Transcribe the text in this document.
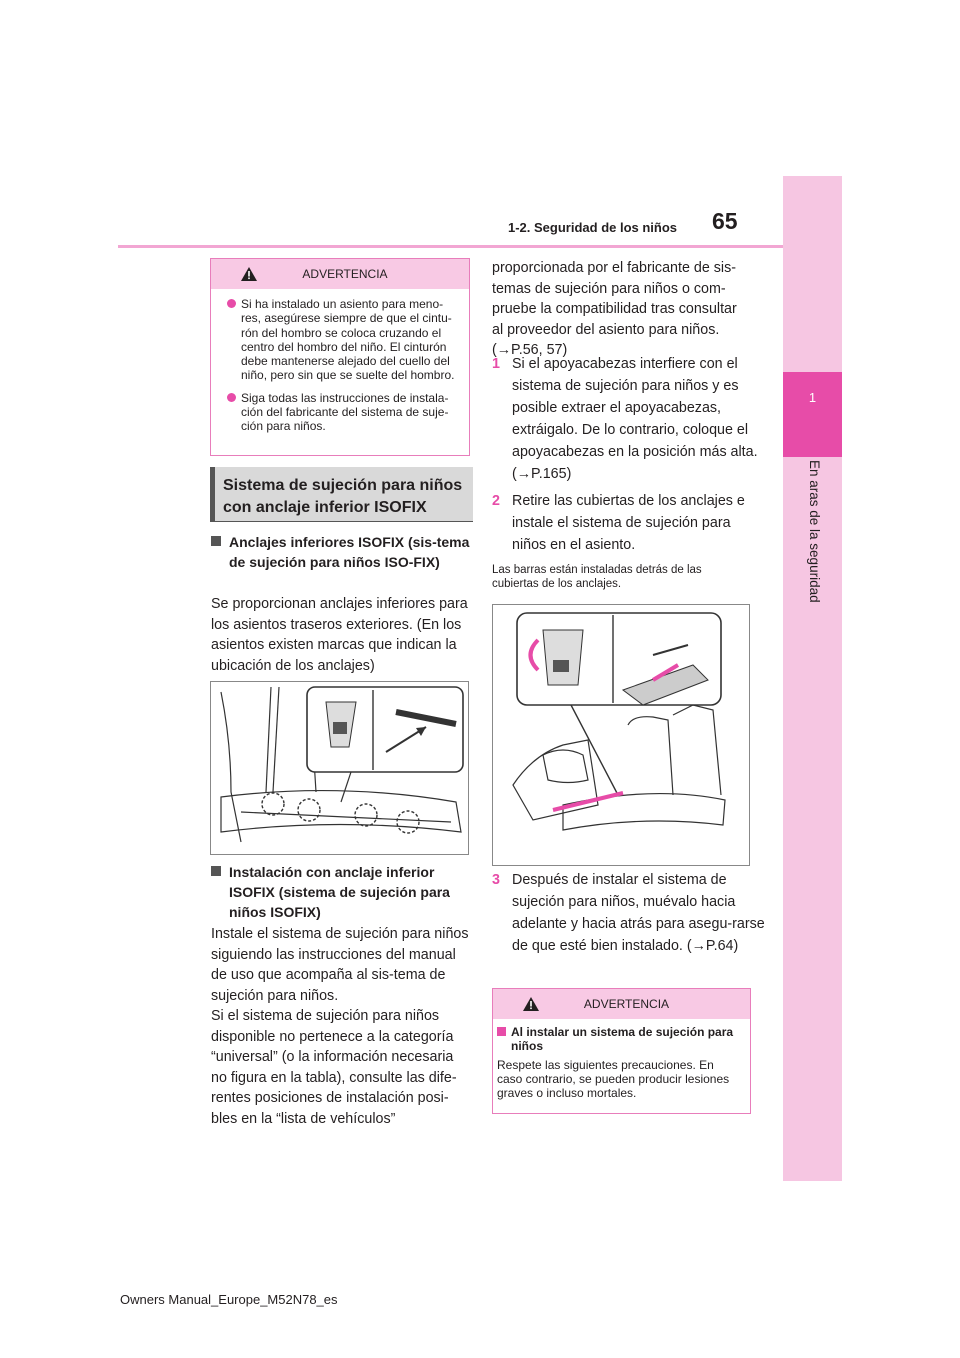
65
1-2. Seguridad de los niños
1
En aras de la seguridad
ADVERTENCIA
Si ha instalado un asiento para meno-res, asegúrese siempre de que el cintu-rón del hombro se coloca cruzando el centro del hombro del niño. El cinturón debe mantenerse alejado del cuello del niño, pero sin que se suelte del hombro.
Siga todas las instrucciones de instala-ción del fabricante del sistema de suje-ción para niños.
Sistema de sujeción para niños
con anclaje inferior ISOFIX
Anclajes inferiores ISOFIX (sis-tema de sujeción para niños ISO-FIX)
Se proporcionan anclajes inferiores para los asientos traseros exteriores. (En los asientos existen marcas que indican la ubicación de los anclajes)
Instalación con anclaje inferior ISOFIX (sistema de sujeción para niños ISOFIX)
Instale el sistema de sujeción para niños siguiendo las instrucciones del manual de uso que acompaña al sis-tema de sujeción para niños.
Si el sistema de sujeción para niños disponible no pertenece a la categoría “universal” (o la información necesaria no figura en la tabla), consulte las dife-rentes posiciones de instalación posi-bles en la “lista de vehículos”
proporcionada por el fabricante de sis-temas de sujeción para niños o com-pruebe la compatibilidad tras consultar al proveedor del asiento para niños. (→P.56, 57)
1 Si el apoyacabezas interfiere con el sistema de sujeción para niños y es posible extraer el apoyacabezas, extráigalo. De lo contrario, coloque el apoyacabezas en la posición más alta. (→P.165)
2 Retire las cubiertas de los anclajes e instale el sistema de sujeción para niños en el asiento.
Las barras están instaladas detrás de las cubiertas de los anclajes.
3 Después de instalar el sistema de sujeción para niños, muévalo hacia adelante y hacia atrás para asegu-rarse de que esté bien instalado. (→P.64)
ADVERTENCIA
Al instalar un sistema de sujeción para niños
Respete las siguientes precauciones. En caso contrario, se pueden producir lesiones graves o incluso mortales.
Owners Manual_Europe_M52N78_es
